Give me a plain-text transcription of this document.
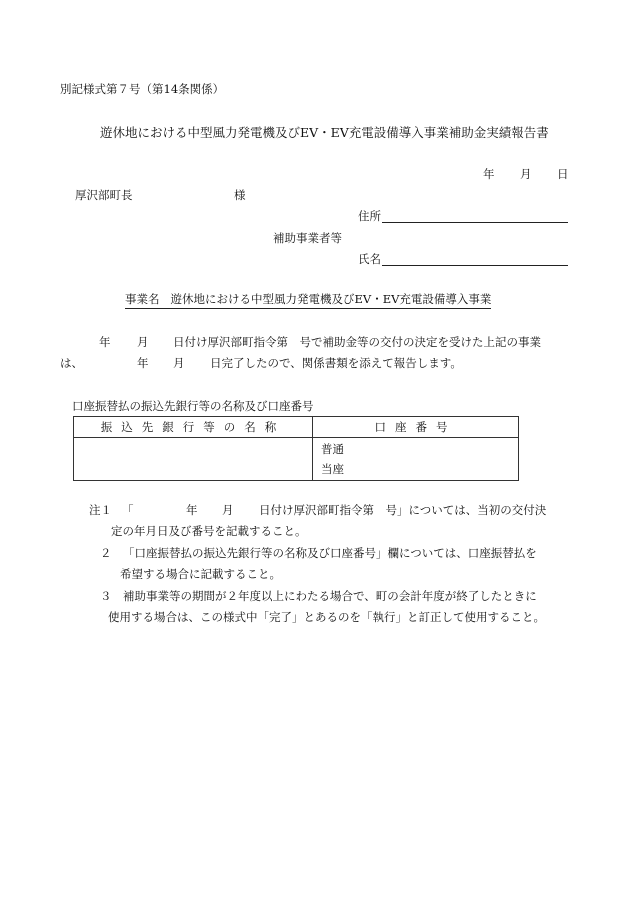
別記様式第７号（第14条関係）
遊休地における中型風力発電機及びEV・EV充電設備導入事業補助金実績報告書
年 月 日
厚沢部町長	様
住所
補助事業者等
氏名
事業名 遊休地における中型風力発電機及びEV・EV充電設備導入事業
年 月 日付け厚沢部町指令第　号で補助金等の交付の決定を受けた上記の事業
は、	年 月 日完了したので、関係書類を添えて報告します。
口座振替払の振込先銀行等の名称及び口座番号
振込先銀行等の名称	口座番号

	普通
当座
注１ 「	年 月 日付け厚沢部町指令第　号」については、当初の交付決
定の年月日及び番号を記載すること。
２ 「口座振替払の振込先銀行等の名称及び口座番号」欄については、口座振替払を
希望する場合に記載すること。
３ 補助事業等の期間が２年度以上にわたる場合で、町の会計年度が終了したときに
使用する場合は、この様式中「完了」とあるのを「執行」と訂正して使用すること。
